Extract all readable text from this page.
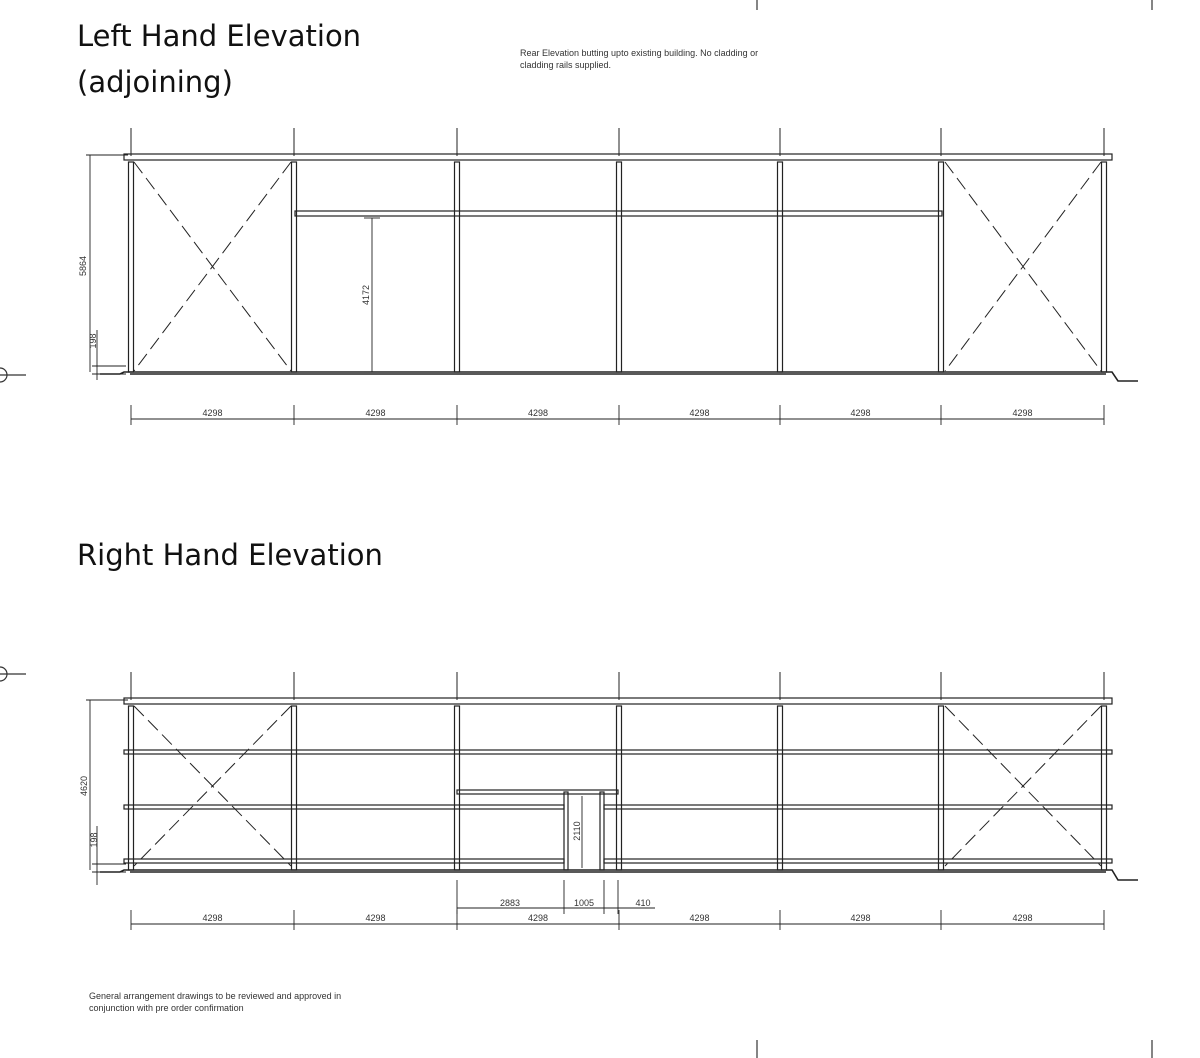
Left Hand Elevation
(adjoining)

Rear Elevation butting upto existing building. No cladding or

cladding rails supplied.

Right Hand Elevation

General arrangement drawings to be reviewed and approved in

conjunction with pre order confirmation

5864
198
4172
4298	4298	4298	4298	4298	4298
4620
198	2110
2883	1005	410
4298	4298	4298	4298	4298	4298
